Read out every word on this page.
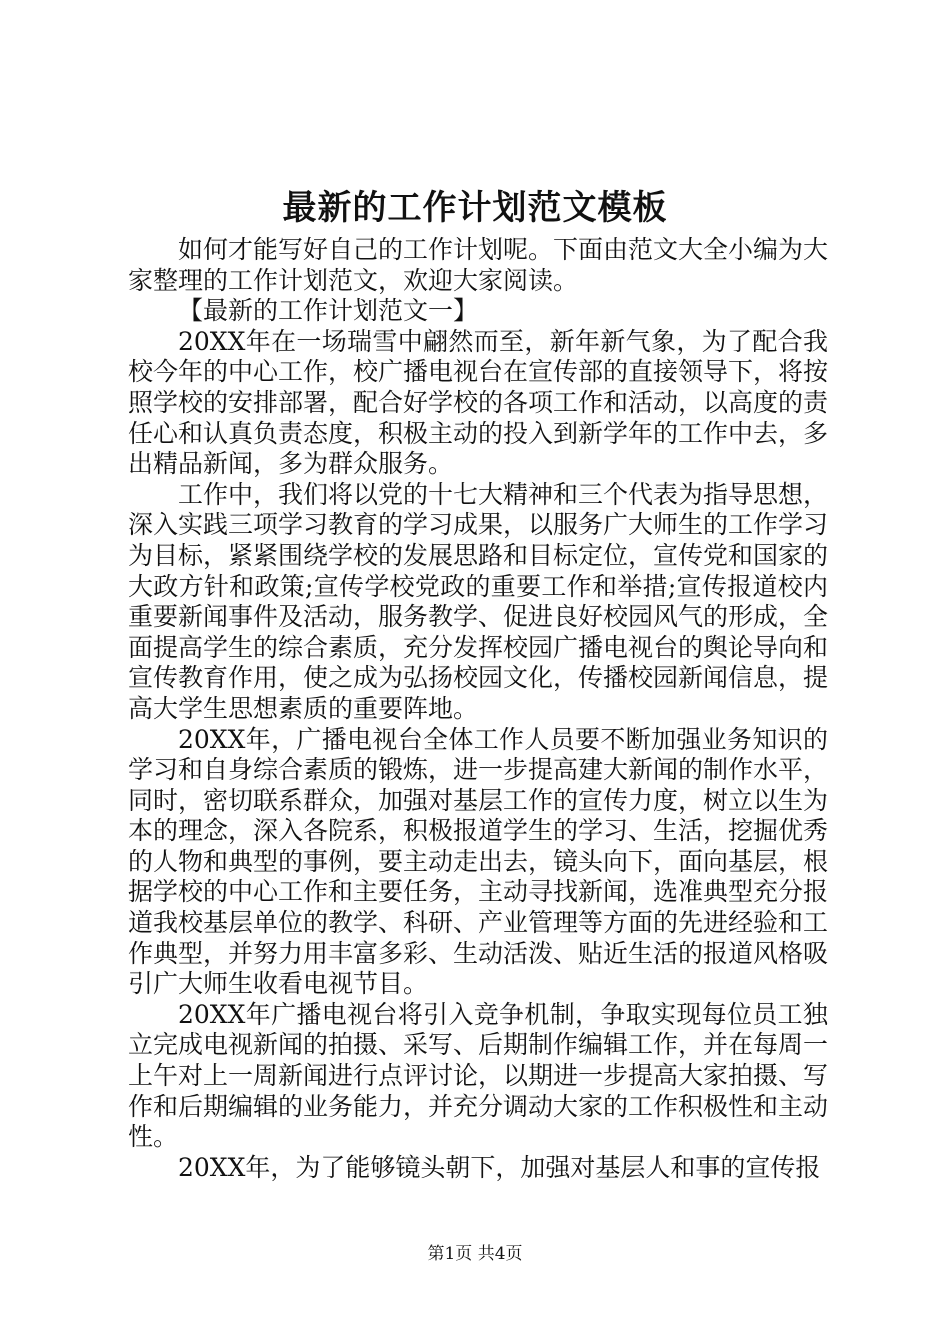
最新的工作计划范文模板

如何才能写好自己的工作计划呢。下面由范文大全小编为大家整理的工作计划范文，欢迎大家阅读。

【最新的工作计划范文一】

20XX年在一场瑞雪中翩然而至，新年新气象，为了配合我校今年的中心工作，校广播电视台在宣传部的直接领导下，将按照学校的安排部署，配合好学校的各项工作和活动，以高度的责任心和认真负责态度，积极主动的投入到新学年的工作中去，多出精品新闻，多为群众服务。

工作中，我们将以党的十七大精神和三个代表为指导思想，深入实践三项学习教育的学习成果，以服务广大师生的工作学习为目标，紧紧围绕学校的发展思路和目标定位，宣传党和国家的大政方针和政策;宣传学校党政的重要工作和举措;宣传报道校内重要新闻事件及活动，服务教学、促进良好校园风气的形成，全面提高学生的综合素质，充分发挥校园广播电视台的舆论导向和宣传教育作用，使之成为弘扬校园文化，传播校园新闻信息，提高大学生思想素质的重要阵地。

20XX年，广播电视台全体工作人员要不断加强业务知识的学习和自身综合素质的锻炼，进一步提高建大新闻的制作水平，同时，密切联系群众，加强对基层工作的宣传力度，树立以生为本的理念，深入各院系，积极报道学生的学习、生活，挖掘优秀的人物和典型的事例，要主动走出去，镜头向下，面向基层，根据学校的中心工作和主要任务，主动寻找新闻，选准典型充分报道我校基层单位的教学、科研、产业管理等方面的先进经验和工作典型，并努力用丰富多彩、生动活泼、贴近生活的报道风格吸引广大师生收看电视节目。

20XX年广播电视台将引入竞争机制，争取实现每位员工独立完成电视新闻的拍摄、采写、后期制作编辑工作，并在每周一上午对上一周新闻进行点评讨论，以期进一步提高大家拍摄、写作和后期编辑的业务能力，并充分调动大家的工作积极性和主动性。

20XX年，为了能够镜头朝下，加强对基层人和事的宣传报

第1页 共4页
